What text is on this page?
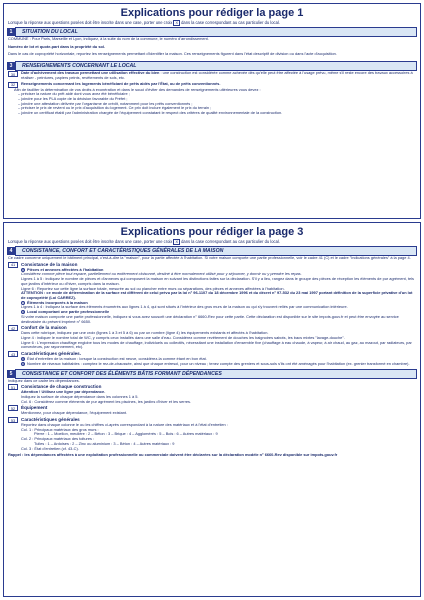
Explications pour rédiger la page 1
Lorsque la réponse aux questions posées doit être inscrite dans une case, porter une croix X dans la case correspondant au cas particulier du local.
1	SITUATION DU LOCAL
COMMUNE : Pour Paris, Marseille et Lyon, indiquez, à la suite du nom de la commune, le numéro d'arrondissement.
Numéro de lot et quote-part dans la propriété du sol.
Dans le cas de copropriété horizontale, reportez les renseignements permettant d'identifier la maison. Ces renseignements figurent dans l'état descriptif de division ou dans l'acte d'acquisition.
3	RENSEIGNEMENTS CONCERNANT LE LOCAL
30	Date d'achèvement des travaux permettant une utilisation effective du bien : une construction est considérée comme achevée dès qu'elle peut être affectée à l'usage prévu, même s'il reste encore des travaux accessoires à réaliser - peintures, papiers peints, revêtements de sols, etc.
32	Renseignements concernant les logements bénéficiant de prêts aidés par l'État, ou de prêts conventionnés.
Afin de faciliter la détermination de vos droits à exonération et dans le souci d'éviter des demandes de renseignements ultérieures vous devez :
– préciser la nature du prêt aidé dont vous avez été bénéficiaire ;
– joindre pour les PLA copie de la décision favorable du Préfet ;
– joindre une attestation délivrée par l'organisme de crédit, notamment pour les prêts conventionnés ;
– préciser le prix de revient ou le prix d'acquisition du logement. Ce prix doit inclure également le prix du terrain ;
– joindre un certificat établi par l'administration chargée de l'équipement constatant le respect des critères de qualité environnementale de la construction.
Explications pour rédiger la page 3
Lorsque la réponse aux questions posées doit être inscrite dans une case, porter une croix X dans la case correspondant au cas particulier du local.
4	CONSISTANCE, CONFORT ET CARACTÉRISTIQUES GÉNÉRALES DE LA MAISON
Ce cadre concerne uniquement le bâtiment principal, c'est-à-dire la "maison", pour la partie affectée à l'habitation. Si votre maison comporte une partie professionnelle, voir le cadre 41 (C) et le cadre "Indications générales" à la page 4.
41	Consistance de la maison
A Pièces et annexes affectées à l'habitation
Considérez comme pièce tout espace, partiellement ou entièrement cloisonné, destiné à être normalement utilisé pour y séjourner, y dormir ou y prendre les repas.
Lignes 1 à 5 : indiquez le nombre de pièces et d'annexes qui composent la maison en suivant les distinctions faites sur la déclaration. S'il y a lieu, rangez dans le groupe des pièces de réception les éléments de pur agrément, tels que jardins d'intérieur ou d'hiver, compris dans la maison.
Ligne 6 : Reportez sur cette ligne la surface totale, mesurée au sol ou plancher entre murs ou séparations, des pièces et annexes affectées à l'habitation.
ATTENTION : ce mode de détermination de la surface est différent de celui prévu par la loi n° 96-1107 du 18 décembre 1996 et du décret n° 97-532 du 23 mai 1997 portant définition de la superficie privative d'un lot de copropriété (Loi CARREZ).
B Éléments incorporés à la maison
Lignes 1 à 4 : Indiquez la surface des éléments énumérés aux lignes 1 à 4, qui sont situés à l'intérieur des gros murs de la maison ou qui s'y trouvent reliés par une communication intérieure.
C Local comportant une partie professionnelle
Si votre maison comporte une partie professionnelle, indiquez si vous avez souscrit une déclaration n° 6660-Rev pour cette partie. Cette déclaration est disponible sur le site impots.gouv.fr et peut être envoyée au service destinataire du présent imprimé n° 6650.
42	Confort de la maison
Dans cette rubrique, indiquez par une croix (lignes 1 à 3 et 5 à 6) ou par un nombre (ligne 4) les équipements existants et affectés à l'habitation.
Ligne 4 : indiquer le nombre total de WC, y compris ceux installés dans une salle d'eau. Considérez comme revêtement de douches les baignoires sabots, les bacs mixtes "lavage-douche".
Ligne 6 : L'expression chauffage englobe tous les modes de chauffage, individuels ou collectifs, nécessitant une installation d'ensemble fixe (chauffage à eau chaude, à vapeur, à air chaud, au gaz, au mazout, par radiateurs, par convecteurs, par rayonnement, etc).
43	Caractéristiques générales.
C État d'entretien de la maison : lorsque la construction est neuve, considérez-la comme étant en bon état.
D Nombre de niveaux habitables : comptez le rez-de-chaussée, ainsi que chaque entresol, pour un niveau ; tenez compte des greniers et sous-sols s'ils ont été aménagés pour l'habitation (ex. grenier transformé en chambre).
5	CONSISTANCE ET CONFORT DES ÉLÉMENTS BÂTIS FORMANT DÉPENDANCES
Indiquez dans ce cadre les dépendances.
51	Consistance de chaque construction
Attention ! Utilisez une ligne par dépendance.
Indiquez la surface de chaque dépendance dans les colonnes 1 à 5.
Col. 6 : Considérez comme éléments de pur agrément les piscines, les jardins d'hiver et les serres.
52	Équipement
Mentionnez, pour chaque dépendance, l'équipement existant.
53	Caractéristiques générales
Reportez dans chaque colonne le ou les chiffres ci-après correspondant à la nature des matériaux et à l'état d'entretien :
Col. 1 : Principaux matériaux des gros murs :
Pierre : 1 – Moellon, meulière : 2 – Béton : 3 – Brique : 4 – Agglomérés : 5 – Bois : 6 – Autres matériaux : 9
Col. 2 : Principaux matériaux des toitures :
Tuiles : 1 – Ardoises : 2 – Zinc ou aluminium : 3 – Béton : 4 – Autres matériaux : 9
Col. 3 : État d'entretien (cf. 43-C).
Rappel : les dépendances affectées à une exploitation professionnelle ou commerciale doivent être déclarées sur la déclaration modèle n° 6660-Rev disponible sur impots.gouv.fr
